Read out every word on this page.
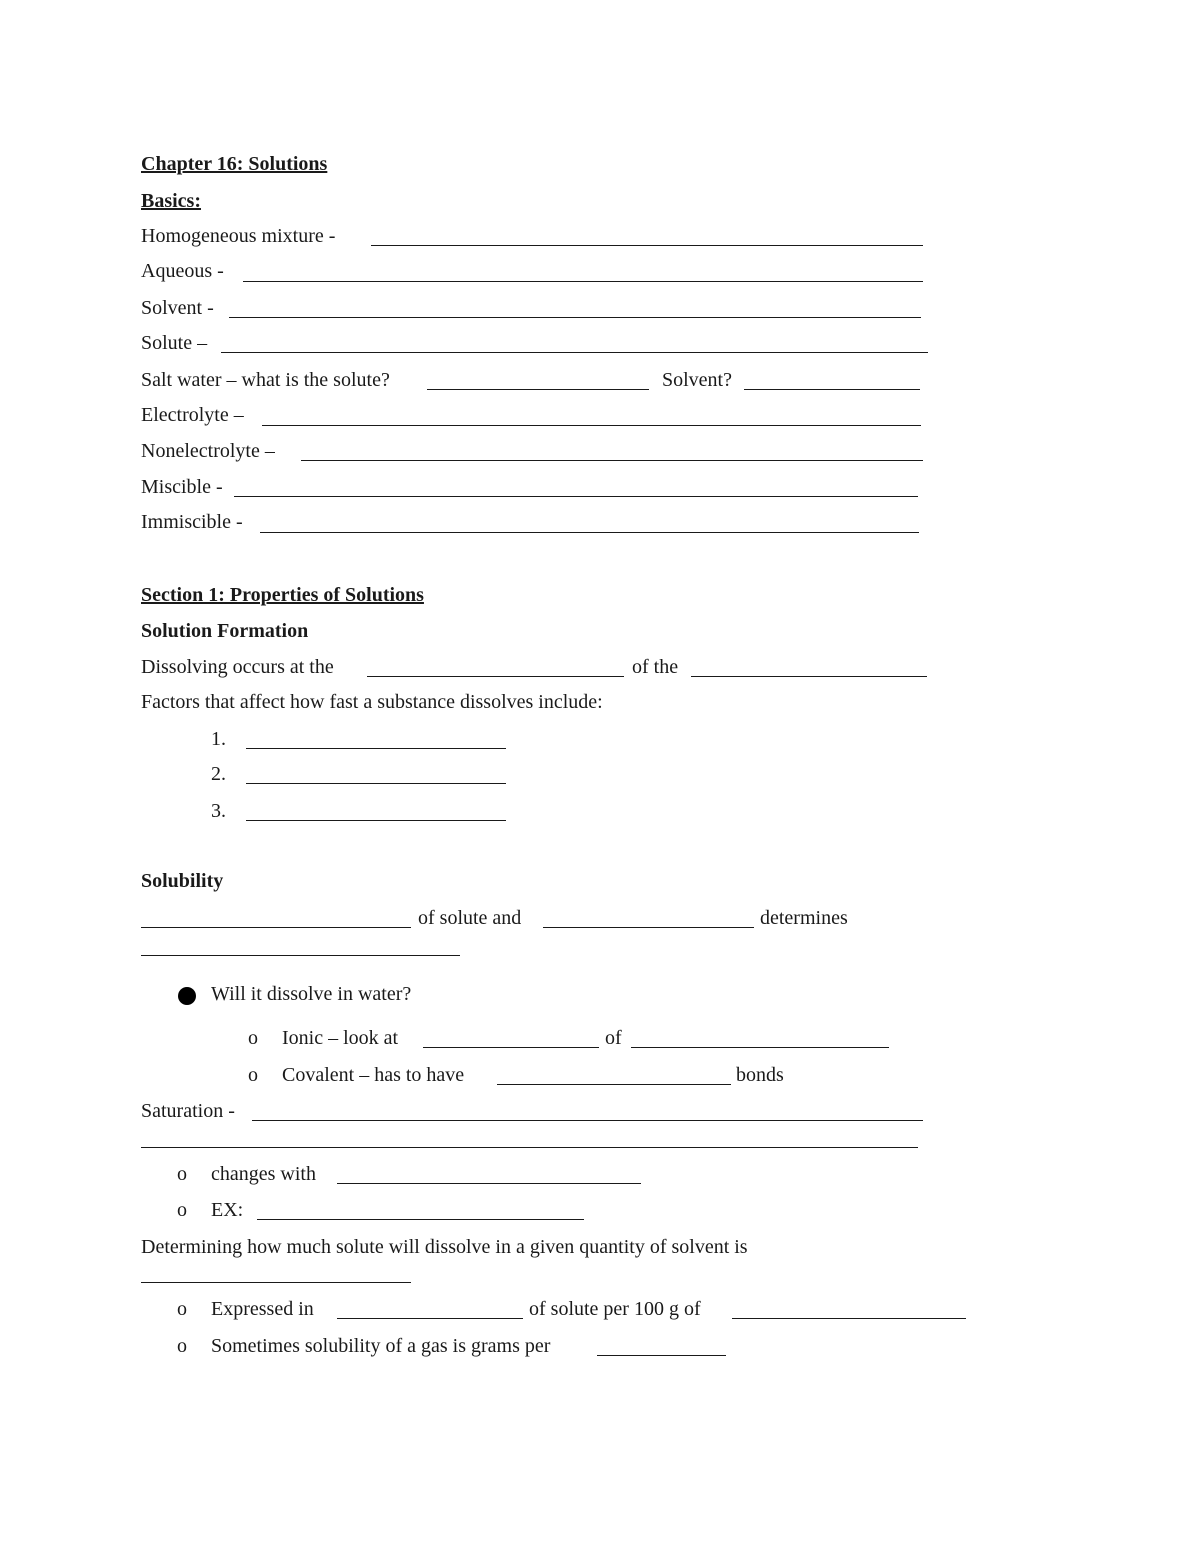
Chapter 16: Solutions
Basics:
Homogeneous mixture -
Aqueous -
Solvent -
Solute –
Salt water – what is the solute?	Solvent?
Electrolyte –
Nonelectrolyte –
Miscible -
Immiscible -
Section 1: Properties of Solutions
Solution Formation
Dissolving occurs at the	of the
Factors that affect how fast a substance dissolves include:
1.
2.
3.
Solubility
of solute and	determines
Will it dissolve in water?
o Ionic – look at	of
o Covalent – has to have	bonds
Saturation -
o changes with
o EX:
Determining how much solute will dissolve in a given quantity of solvent is
o Expressed in	of solute per 100 g of
o Sometimes solubility of a gas is grams per
